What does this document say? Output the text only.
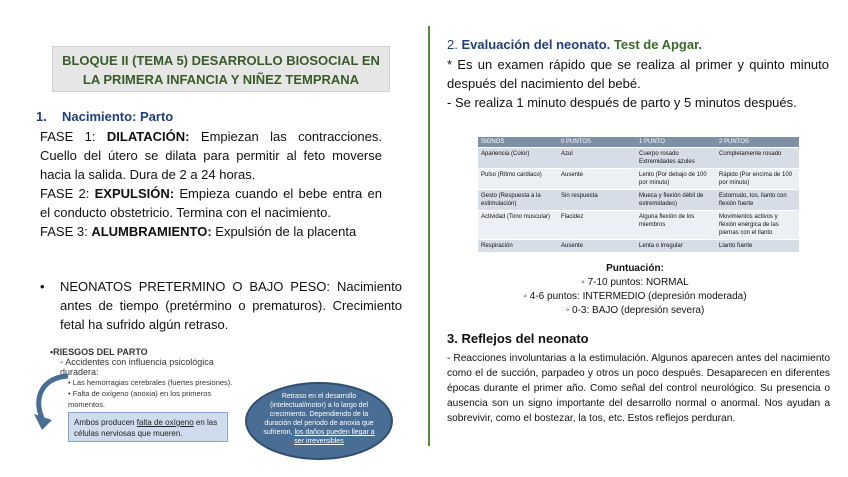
BLOQUE II (TEMA 5) DESARROLLO BIOSOCIAL EN
LA PRIMERA INFANCIA Y NIÑEZ TEMPRANA
1. Nacimiento: Parto

FASE 1: DILATACIÓN: Empiezan las contracciones. Cuello del útero se dilata para permitir al feto moverse hacia la salida. Dura de 2 a 24 horas.

FASE 2: EXPULSIÓN: Empieza cuando el bebe entra en el conducto obstetricio. Termina con el nacimiento.

FASE 3: ALUMBRAMIENTO: Expulsión de la placenta

• NEONATOS PRETERMINO O BAJO PESO: Nacimiento antes de tiempo (pretérmino o prematuros). Crecimiento fetal ha sufrido algún retraso.
•RIESGOS DEL PARTO
◦ Accidentes con influencia psicológica duradera:
• Las hemorragias cerebrales (fuertes presiones).
• Falta de oxígeno (anoxia) en los primeros momentos.
Ambos producen falta de oxígeno en las células nerviosas que mueren.
Retraso en el desarrollo (intelectual/motor) a lo largo del crecimiento. Dependiendo de la duración del periodo de anoxia que sufrieron, los daños pueden llegar a ser irreversibles
2. Evaluación del neonato. Test de Apgar.

* Es un examen rápido que se realiza al primer y quinto minuto después del nacimiento del bebé.

- Se realiza 1 minuto después de parto y 5 minutos después.

SIGNOS	0 PUNTOS	1 PUNTO	2 PUNTOS
Apariencia (Color)	Azul	Cuerpo rosado Extremidades azules	Completamente rosado
Pulso (Ritmo cardiaco)	Ausente	Lento (Por debajo de 100 por minuto)	Rápido (Por encima de 100 por minuto)
Gesto (Respuesta a la estimulación)	Sin respuesta	Mueca y flexión débil de extremidades)	Estornudo, tos, llanto con flexión fuerte
Actividad (Tono muscular)	Flacidez	Alguna flexión de los miembros	Movimientos activos y flexión enérgica de las piernas con el llanto
Respiración	Ausente	Lenta o irregular	Llanto fuerte
Puntuación:
◦ 7-10 puntos: NORMAL
◦ 4-6 puntos: INTERMEDIO (depresión moderada)
◦ 0-3: BAJO (depresión severa)
3. Reflejos del neonato
- Reacciones involuntarias a la estimulación. Algunos aparecen antes del nacimiento como el de succión, parpadeo y otros un poco después. Desaparecen en diferentes épocas durante el primer año. Como señal del control neurológico. Su presencia o ausencia son un signo importante del desarrollo normal o anormal. Nos ayudan a sobrevivir, como el bostezar, la tos, etc. Estos reflejos perduran.
